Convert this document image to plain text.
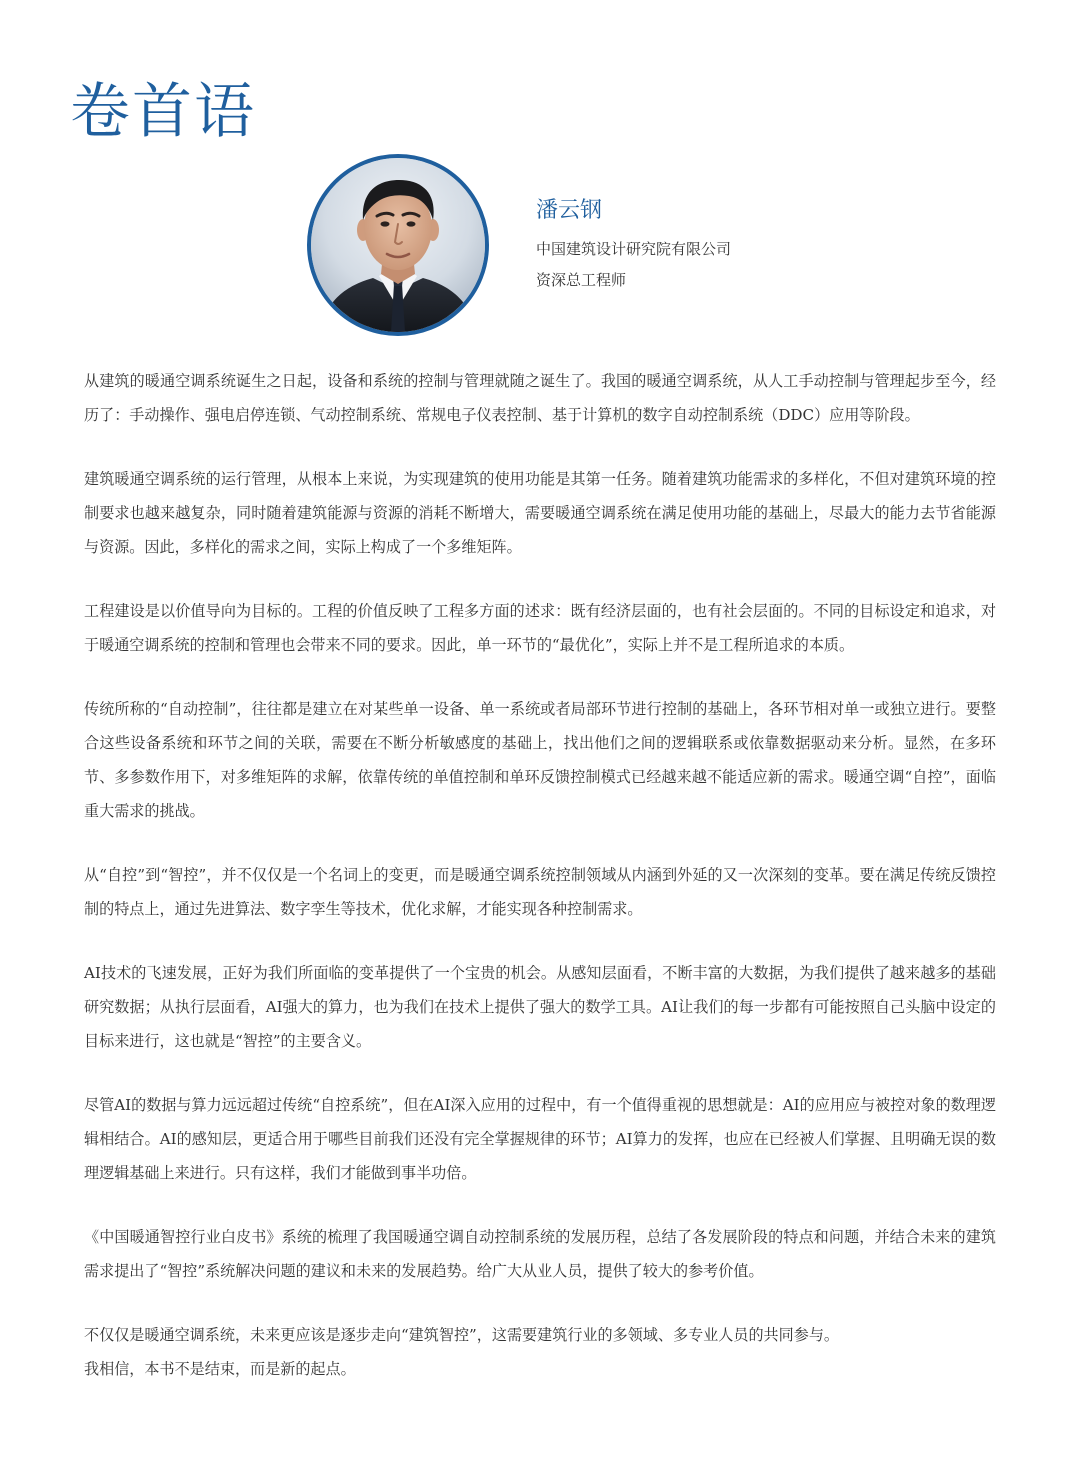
卷首语

潘云钢

中国建筑设计研究院有限公司

资深总工程师

从建筑的暖通空调系统诞生之日起，设备和系统的控制与管理就随之诞生了。我国的暖通空调系统，从人工手动控制与管理起步至今，经历了：手动操作、强电启停连锁、气动控制系统、常规电子仪表控制、基于计算机的数字自动控制系统（DDC）应用等阶段。

建筑暖通空调系统的运行管理，从根本上来说，为实现建筑的使用功能是其第一任务。随着建筑功能需求的多样化，不但对建筑环境的控制要求也越来越复杂，同时随着建筑能源与资源的消耗不断增大，需要暖通空调系统在满足使用功能的基础上，尽最大的能力去节省能源与资源。因此，多样化的需求之间，实际上构成了一个多维矩阵。

工程建设是以价值导向为目标的。工程的价值反映了工程多方面的述求：既有经济层面的，也有社会层面的。不同的目标设定和追求，对于暖通空调系统的控制和管理也会带来不同的要求。因此，单一环节的“最优化”，实际上并不是工程所追求的本质。

传统所称的“自动控制”，往往都是建立在对某些单一设备、单一系统或者局部环节进行控制的基础上，各环节相对单一或独立进行。要整合这些设备系统和环节之间的关联，需要在不断分析敏感度的基础上，找出他们之间的逻辑联系或依靠数据驱动来分析。显然，在多环节、多参数作用下，对多维矩阵的求解，依靠传统的单值控制和单环反馈控制模式已经越来越不能适应新的需求。暖通空调“自控”，面临重大需求的挑战。

从“自控”到“智控”，并不仅仅是一个名词上的变更，而是暖通空调系统控制领域从内涵到外延的又一次深刻的变革。要在满足传统反馈控制的特点上，通过先进算法、数字孪生等技术，优化求解，才能实现各种控制需求。

AI技术的飞速发展，正好为我们所面临的变革提供了一个宝贵的机会。从感知层面看，不断丰富的大数据，为我们提供了越来越多的基础研究数据；从执行层面看，AI强大的算力，也为我们在技术上提供了强大的数学工具。AI让我们的每一步都有可能按照自己头脑中设定的目标来进行，这也就是“智控”的主要含义。

尽管AI的数据与算力远远超过传统“自控系统”，但在AI深入应用的过程中，有一个值得重视的思想就是：AI的应用应与被控对象的数理逻辑相结合。AI的感知层，更适合用于哪些目前我们还没有完全掌握规律的环节；AI算力的发挥，也应在已经被人们掌握、且明确无误的数理逻辑基础上来进行。只有这样，我们才能做到事半功倍。

《中国暖通智控行业白皮书》系统的梳理了我国暖通空调自动控制系统的发展历程，总结了各发展阶段的特点和问题，并结合未来的建筑需求提出了“智控”系统解决问题的建议和未来的发展趋势。给广大从业人员，提供了较大的参考价值。

不仅仅是暖通空调系统，未来更应该是逐步走向“建筑智控”，这需要建筑行业的多领域、多专业人员的共同参与。

我相信，本书不是结束，而是新的起点。
